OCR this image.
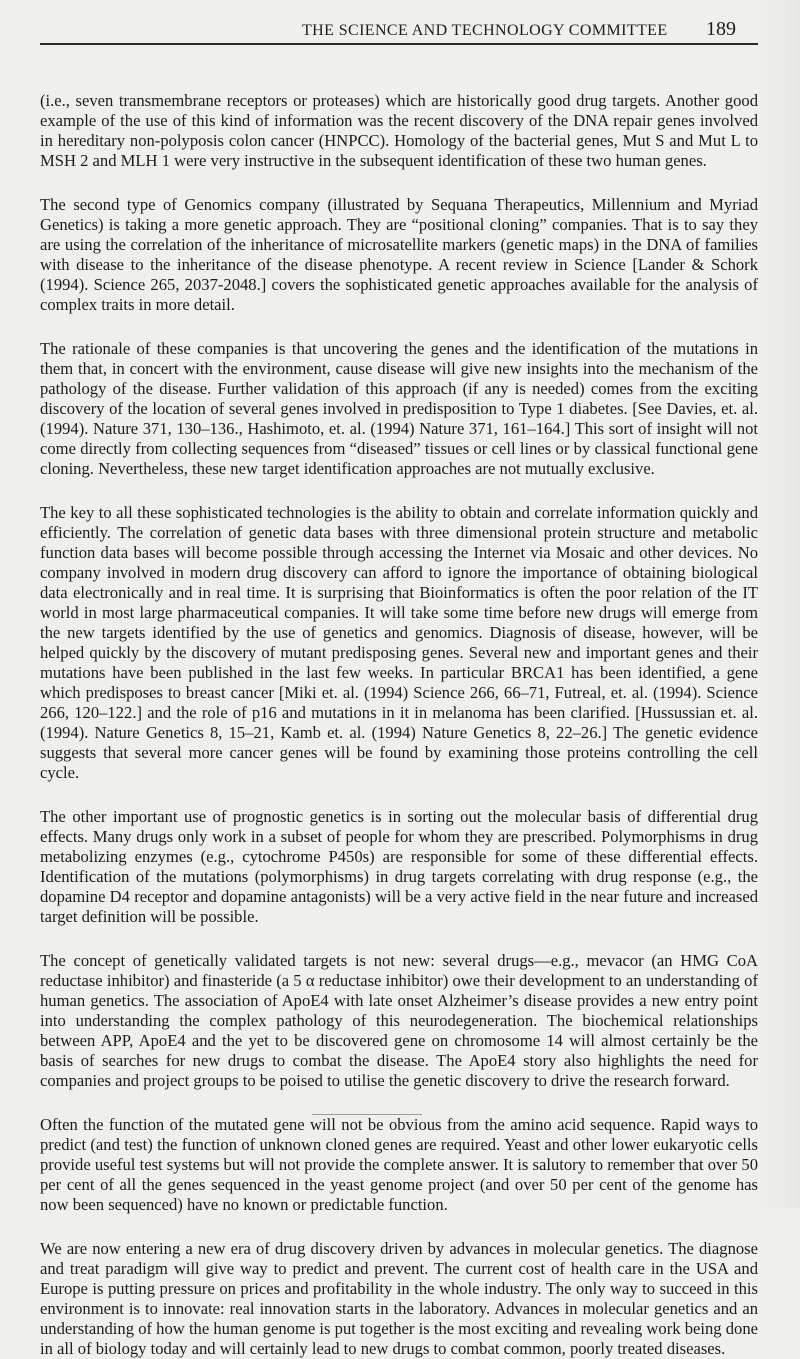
THE SCIENCE AND TECHNOLOGY COMMITTEE 189

(i.e., seven transmembrane receptors or proteases) which are historically good drug targets. Another good example of the use of this kind of information was the recent discovery of the DNA repair genes involved in hereditary non-polyposis colon cancer (HNPCC). Homology of the bacterial genes, Mut S and Mut L to MSH 2 and MLH 1 were very instructive in the subsequent identification of these two human genes.

The second type of Genomics company (illustrated by Sequana Therapeutics, Millennium and Myriad Genetics) is taking a more genetic approach. They are “positional cloning” companies. That is to say they are using the correlation of the inheritance of microsatellite markers (genetic maps) in the DNA of families with disease to the inheritance of the disease phenotype. A recent review in Science [Lander & Schork (1994). Science 265, 2037-2048.] covers the sophisticated genetic approaches available for the analysis of complex traits in more detail.

The rationale of these companies is that uncovering the genes and the identification of the mutations in them that, in concert with the environment, cause disease will give new insights into the mechanism of the pathology of the disease. Further validation of this approach (if any is needed) comes from the exciting discovery of the location of several genes involved in predisposition to Type 1 diabetes. [See Davies, et. al. (1994). Nature 371, 130–136., Hashimoto, et. al. (1994) Nature 371, 161–164.] This sort of insight will not come directly from collecting sequences from “diseased” tissues or cell lines or by classical functional gene cloning. Nevertheless, these new target identification approaches are not mutually exclusive.

The key to all these sophisticated technologies is the ability to obtain and correlate information quickly and efficiently. The correlation of genetic data bases with three dimensional protein structure and metabolic function data bases will become possible through accessing the Internet via Mosaic and other devices. No company involved in modern drug discovery can afford to ignore the importance of obtaining biological data electronically and in real time. It is surprising that Bioinformatics is often the poor relation of the IT world in most large pharmaceutical companies. It will take some time before new drugs will emerge from the new targets identified by the use of genetics and genomics. Diagnosis of disease, however, will be helped quickly by the discovery of mutant predisposing genes. Several new and important genes and their mutations have been published in the last few weeks. In particular BRCA1 has been identified, a gene which predisposes to breast cancer [Miki et. al. (1994) Science 266, 66–71, Futreal, et. al. (1994). Science 266, 120–122.] and the role of p16 and mutations in it in melanoma has been clarified. [Hussussian et. al. (1994). Nature Genetics 8, 15–21, Kamb et. al. (1994) Nature Genetics 8, 22–26.] The genetic evidence suggests that several more cancer genes will be found by examining those proteins controlling the cell cycle.

The other important use of prognostic genetics is in sorting out the molecular basis of differential drug effects. Many drugs only work in a subset of people for whom they are prescribed. Polymorphisms in drug metabolizing enzymes (e.g., cytochrome P450s) are responsible for some of these differential effects. Identification of the mutations (polymorphisms) in drug targets correlating with drug response (e.g., the dopamine D4 receptor and dopamine antagonists) will be a very active field in the near future and increased target definition will be possible.

The concept of genetically validated targets is not new: several drugs—e.g., mevacor (an HMG CoA reductase inhibitor) and finasteride (a 5 α reductase inhibitor) owe their development to an understanding of human genetics. The association of ApoE4 with late onset Alzheimer’s disease provides a new entry point into understanding the complex pathology of this neurodegeneration. The biochemical relationships between APP, ApoE4 and the yet to be discovered gene on chromosome 14 will almost certainly be the basis of searches for new drugs to combat the disease. The ApoE4 story also highlights the need for companies and project groups to be poised to utilise the genetic discovery to drive the research forward.

Often the function of the mutated gene will not be obvious from the amino acid sequence. Rapid ways to predict (and test) the function of unknown cloned genes are required. Yeast and other lower eukaryotic cells provide useful test systems but will not provide the complete answer. It is salutory to remember that over 50 per cent of all the genes sequenced in the yeast genome project (and over 50 per cent of the genome has now been sequenced) have no known or predictable function.

We are now entering a new era of drug discovery driven by advances in molecular genetics. The diagnose and treat paradigm will give way to predict and prevent. The current cost of health care in the USA and Europe is putting pressure on prices and profitability in the whole industry. The only way to succeed in this environment is to innovate: real innovation starts in the laboratory. Advances in molecular genetics and an understanding of how the human genome is put together is the most exciting and revealing work being done in all of biology today and will certainly lead to new drugs to combat common, poorly treated diseases.
